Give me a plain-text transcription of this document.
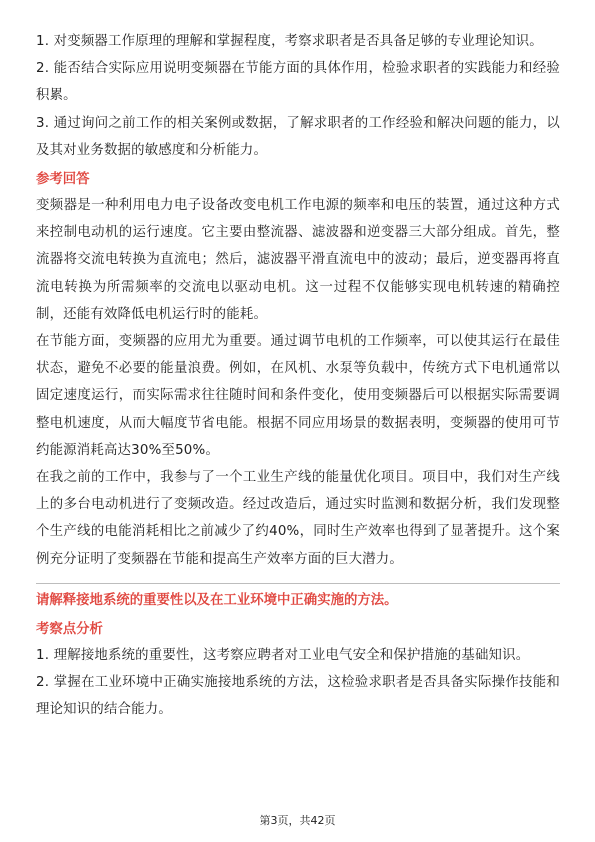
1. 对变频器工作原理的理解和掌握程度，考察求职者是否具备足够的专业理论知识。

2. 能否结合实际应用说明变频器在节能方面的具体作用，检验求职者的实践能力和经验积累。

3. 通过询问之前工作的相关案例或数据，了解求职者的工作经验和解决问题的能力，以及其对业务数据的敏感度和分析能力。

参考回答

变频器是一种利用电力电子设备改变电机工作电源的频率和电压的装置，通过这种方式来控制电动机的运行速度。它主要由整流器、滤波器和逆变器三大部分组成。首先，整流器将交流电转换为直流电；然后，滤波器平滑直流电中的波动；最后，逆变器再将直流电转换为所需频率的交流电以驱动电机。这一过程不仅能够实现电机转速的精确控制，还能有效降低电机运行时的能耗。

在节能方面，变频器的应用尤为重要。通过调节电机的工作频率，可以使其运行在最佳状态，避免不必要的能量浪费。例如，在风机、水泵等负载中，传统方式下电机通常以固定速度运行，而实际需求往往随时间和条件变化，使用变频器后可以根据实际需要调整电机速度，从而大幅度节省电能。根据不同应用场景的数据表明，变频器的使用可节约能源消耗高达30%至50%。

在我之前的工作中，我参与了一个工业生产线的能量优化项目。项目中，我们对生产线上的多台电动机进行了变频改造。经过改造后，通过实时监测和数据分析，我们发现整个生产线的电能消耗相比之前减少了约40%，同时生产效率也得到了显著提升。这个案例充分证明了变频器在节能和提高生产效率方面的巨大潜力。

请解释接地系统的重要性以及在工业环境中正确实施的方法。
考察点分析

1. 理解接地系统的重要性，这考察应聘者对工业电气安全和保护措施的基础知识。

2. 掌握在工业环境中正确实施接地系统的方法，这检验求职者是否具备实际操作技能和理论知识的结合能力。

第3页，共42页
